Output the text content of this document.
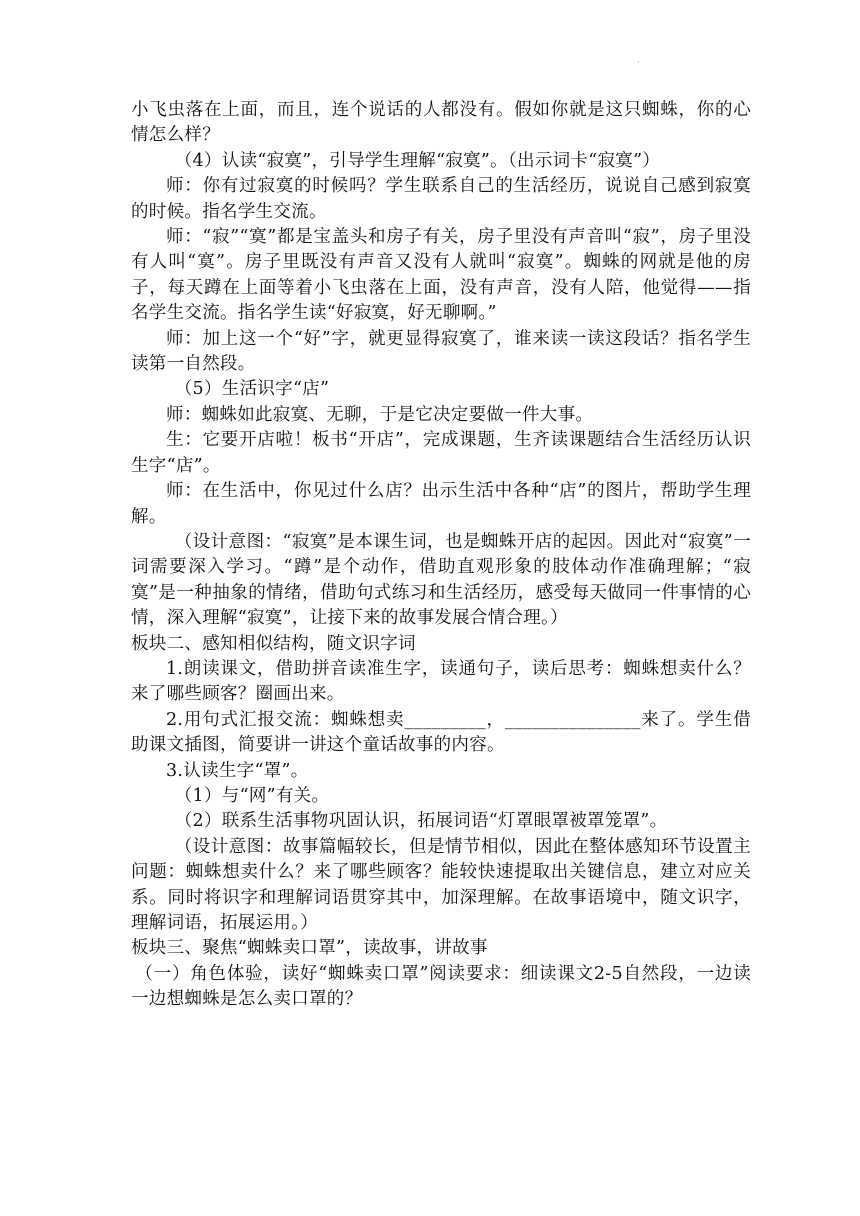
·

小飞虫落在上面，而且，连个说话的人都没有。假如你就是这只蜘蛛，你的心情怎么样？

（4）认读“寂寞”，引导学生理解“寂寞”。（出示词卡“寂寞”）

师：你有过寂寞的时候吗？学生联系自己的生活经历，说说自己感到寂寞的时候。指名学生交流。

师：“寂”“寞”都是宝盖头和房子有关，房子里没有声音叫“寂”，房子里没有人叫“寞”。房子里既没有声音又没有人就叫“寂寞”。蜘蛛的网就是他的房子，每天蹲在上面等着小飞虫落在上面，没有声音，没有人陪，他觉得——指名学生交流。指名学生读“好寂寞，好无聊啊。”

师：加上这一个“好”字，就更显得寂寞了，谁来读一读这段话？指名学生读第一自然段。

（5）生活识字“店”

师：蜘蛛如此寂寞、无聊，于是它决定要做一件大事。

生：它要开店啦！板书“开店”，完成课题，生齐读课题结合生活经历认识生字“店”。

师：在生活中，你见过什么店？出示生活中各种“店”的图片，帮助学生理解。

（设计意图：“寂寞”是本课生词，也是蜘蛛开店的起因。因此对“寂寞”一词需要深入学习。“蹲”是个动作，借助直观形象的肢体动作准确理解；“寂寞”是一种抽象的情绪，借助句式练习和生活经历，感受每天做同一件事情的心情，深入理解“寂寞”，让接下来的故事发展合情合理。）

板块二、感知相似结构，随文识字词

1.朗读课文，借助拼音读准生字，读通句子，读后思考：蜘蛛想卖什么？来了哪些顾客？圈画出来。

2.用句式汇报交流：蜘蛛想卖_________，_______________来了。学生借助课文插图，简要讲一讲这个童话故事的内容。

3.认读生字“罩”。

（1）与“网”有关。

（2）联系生活事物巩固认识，拓展词语“灯罩眼罩被罩笼罩”。

（设计意图：故事篇幅较长，但是情节相似，因此在整体感知环节设置主问题：蜘蛛想卖什么？来了哪些顾客？能较快速提取出关键信息，建立对应关系。同时将识字和理解词语贯穿其中，加深理解。在故事语境中，随文识字，理解词语，拓展运用。）

板块三、聚焦“蜘蛛卖口罩”，读故事，讲故事

（一）角色体验，读好“蜘蛛卖口罩”阅读要求：细读课文2-5自然段，一边读一边想蜘蛛是怎么卖口罩的？
